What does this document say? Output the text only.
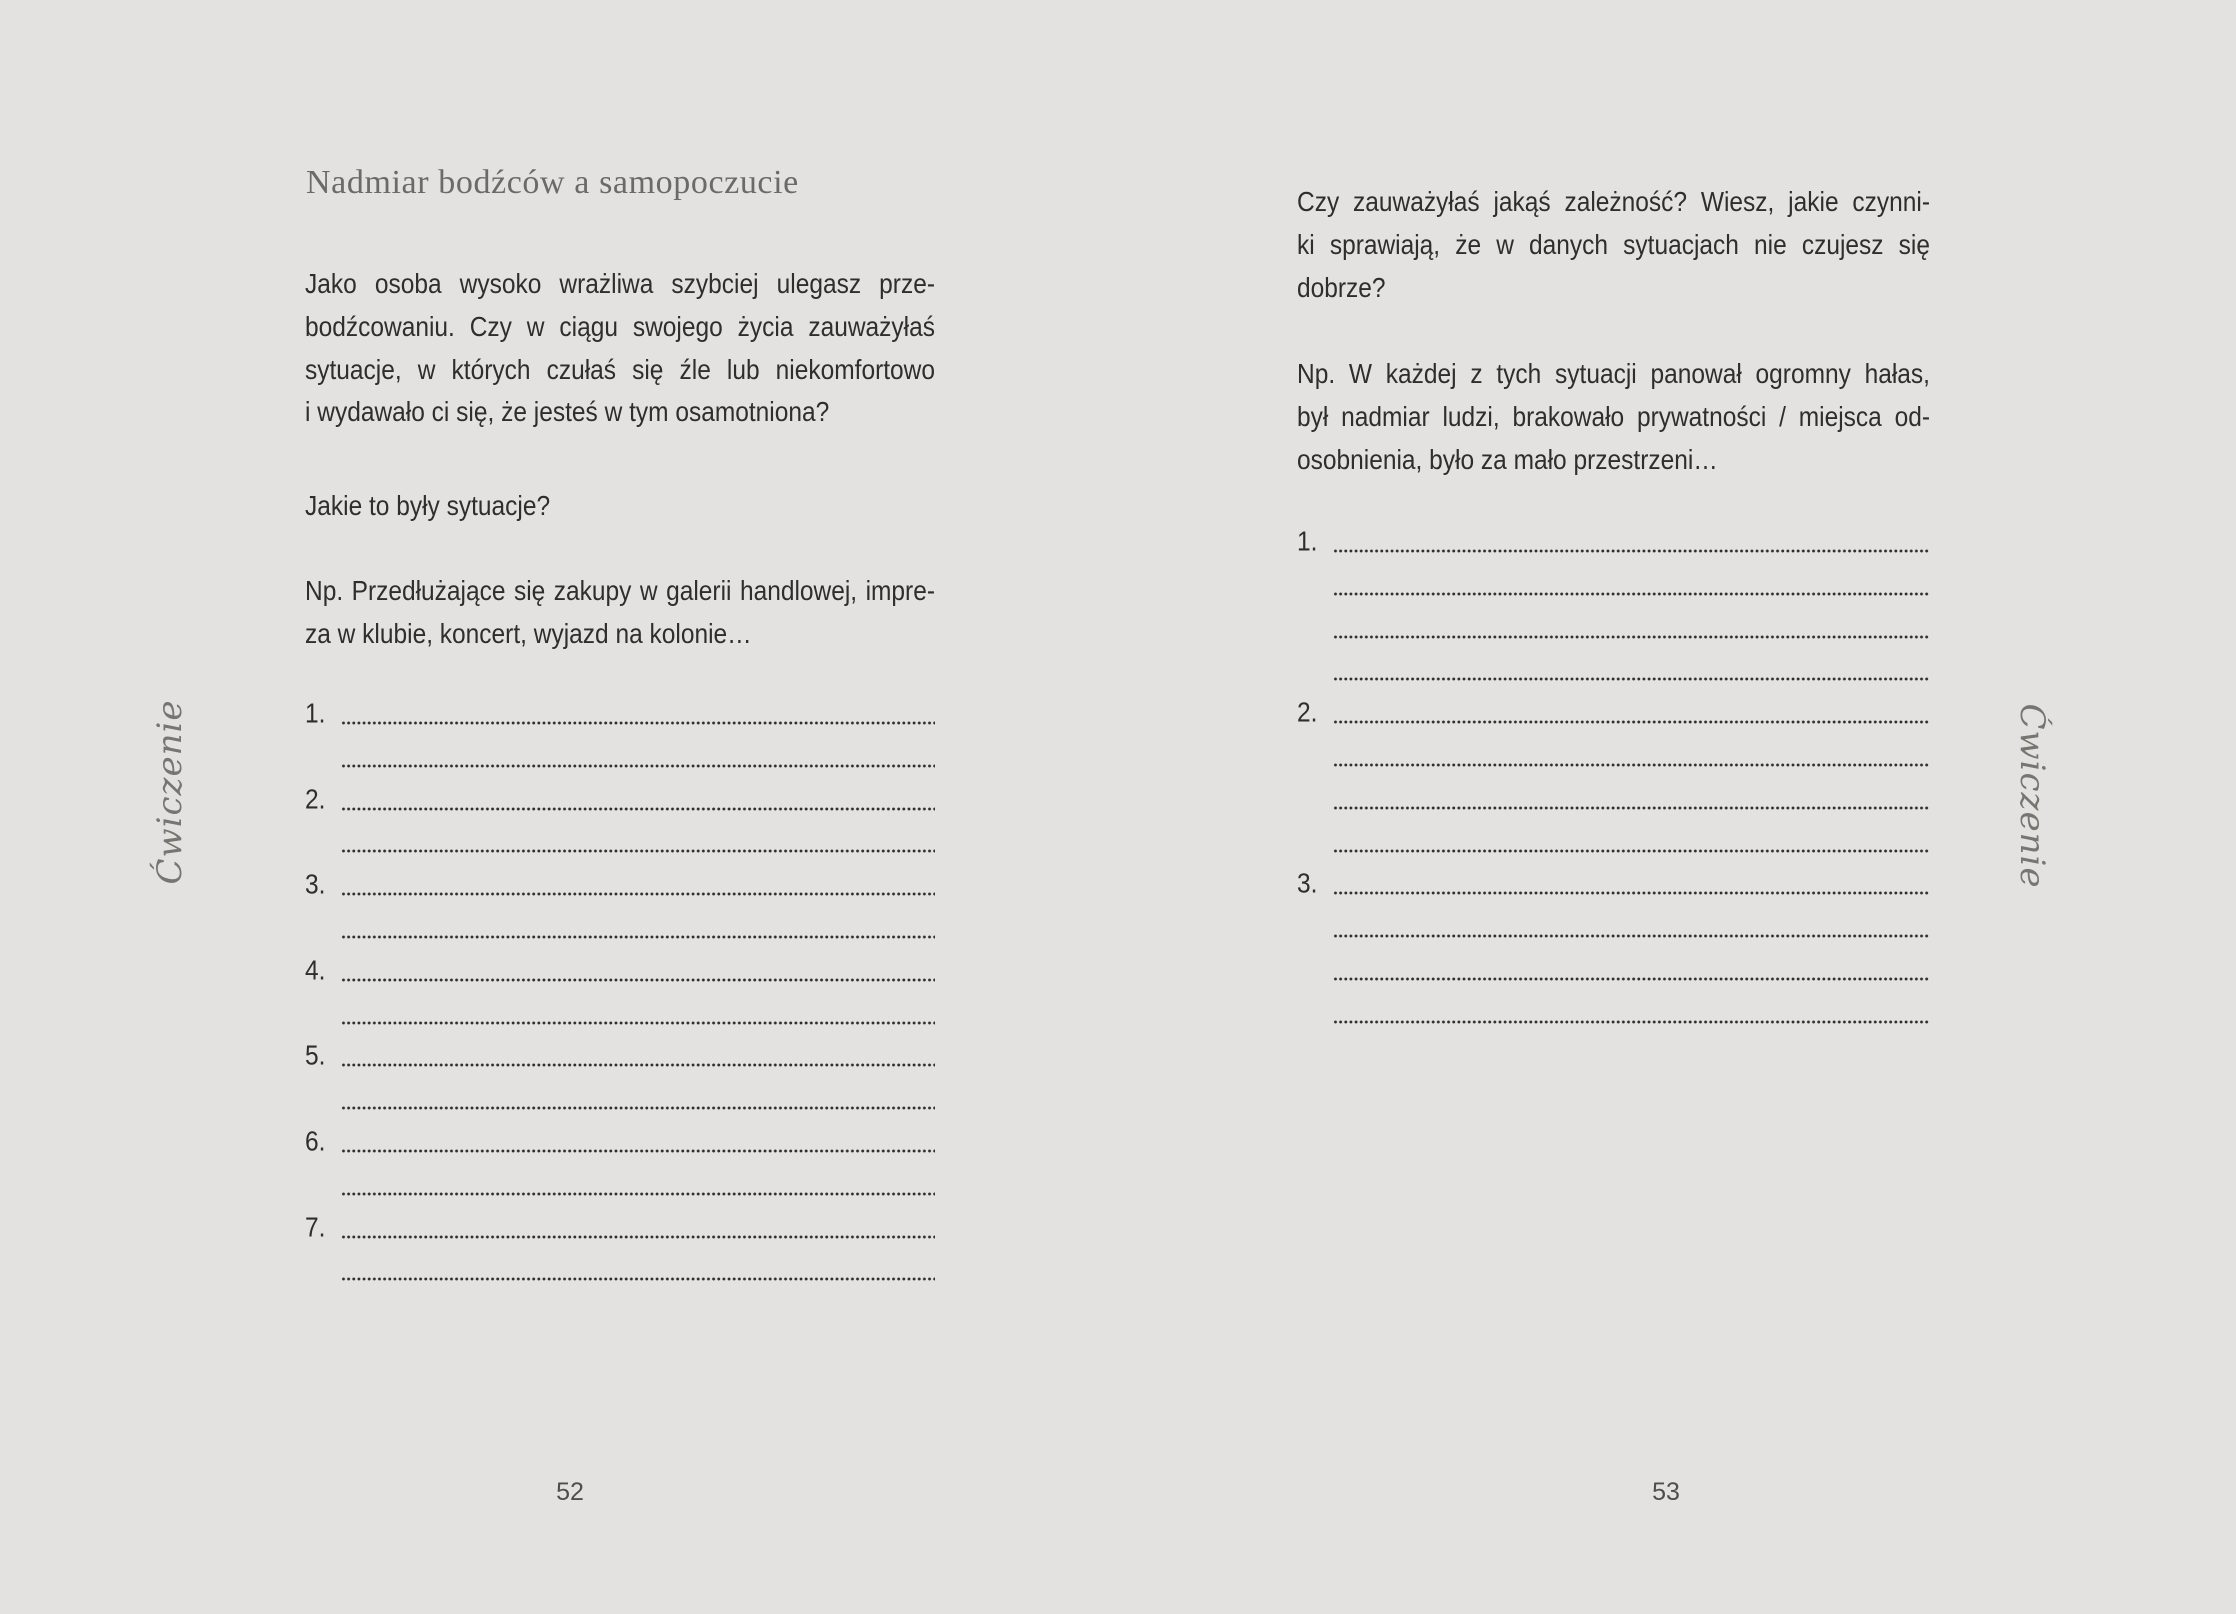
Ćwiczenie	Ćwiczenie
Nadmiar bodźców a samopoczucie
Jako osoba wysoko wrażliwa szybciej ulegasz prze-
bodźcowaniu. Czy w ciągu swojego życia zauważyłaś
sytuacje, w których czułaś się źle lub niekomfortowo
i wydawało ci się, że jesteś w tym osamotniona?
Jakie to były sytuacje?
Np. Przedłużające się zakupy w galerii handlowej, impre-
za w klubie, koncert, wyjazd na kolonie…
1.
2.
3.
4.
5.
6.
7.
52
Czy zauważyłaś jakąś zależność? Wiesz, jakie czynni-
ki sprawiają, że w danych sytuacjach nie czujesz się
dobrze?
Np. W każdej z tych sytuacji panował ogromny hałas,
był nadmiar ludzi, brakowało prywatności / miejsca od-
osobnienia, było za mało przestrzeni…
1.
2.
3.
53
